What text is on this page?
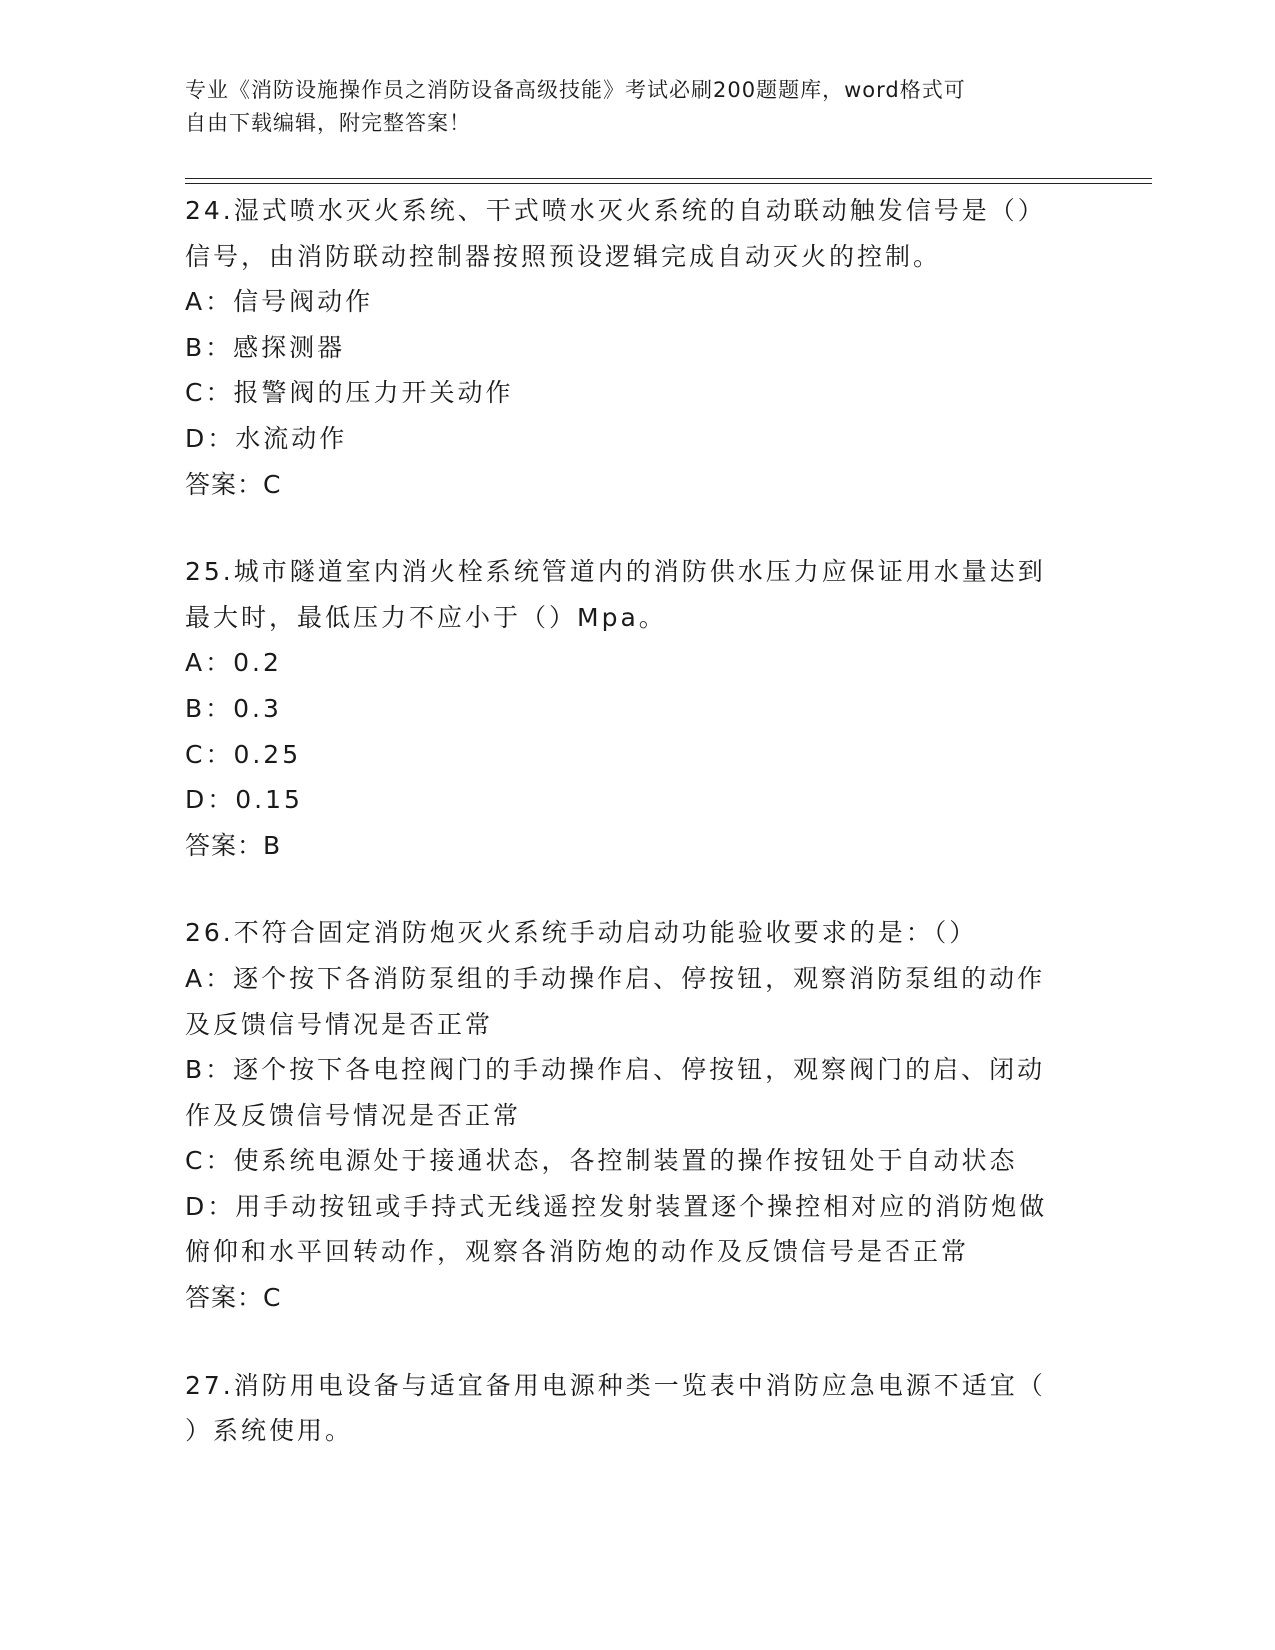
专业《消防设施操作员之消防设备高级技能》考试必刷200题题库，word格式可
自由下载编辑，附完整答案！
24.湿式喷水灭火系统、干式喷水灭火系统的自动联动触发信号是（）
信号，由消防联动控制器按照预设逻辑完成自动灭火的控制。
A：信号阀动作
B：感探测器
C：报警阀的压力开关动作
D：水流动作
答案：C
25.城市隧道室内消火栓系统管道内的消防供水压力应保证用水量达到
最大时，最低压力不应小于（）Mpa。
A：0.2
B：0.3
C：0.25
D：0.15
答案：B
26.不符合固定消防炮灭火系统手动启动功能验收要求的是：（）
A：逐个按下各消防泵组的手动操作启、停按钮，观察消防泵组的动作
及反馈信号情况是否正常
B：逐个按下各电控阀门的手动操作启、停按钮，观察阀门的启、闭动
作及反馈信号情况是否正常
C：使系统电源处于接通状态，各控制装置的操作按钮处于自动状态
D：用手动按钮或手持式无线遥控发射装置逐个操控相对应的消防炮做
俯仰和水平回转动作，观察各消防炮的动作及反馈信号是否正常
答案：C
27.消防用电设备与适宜备用电源种类一览表中消防应急电源不适宜（
）系统使用。
